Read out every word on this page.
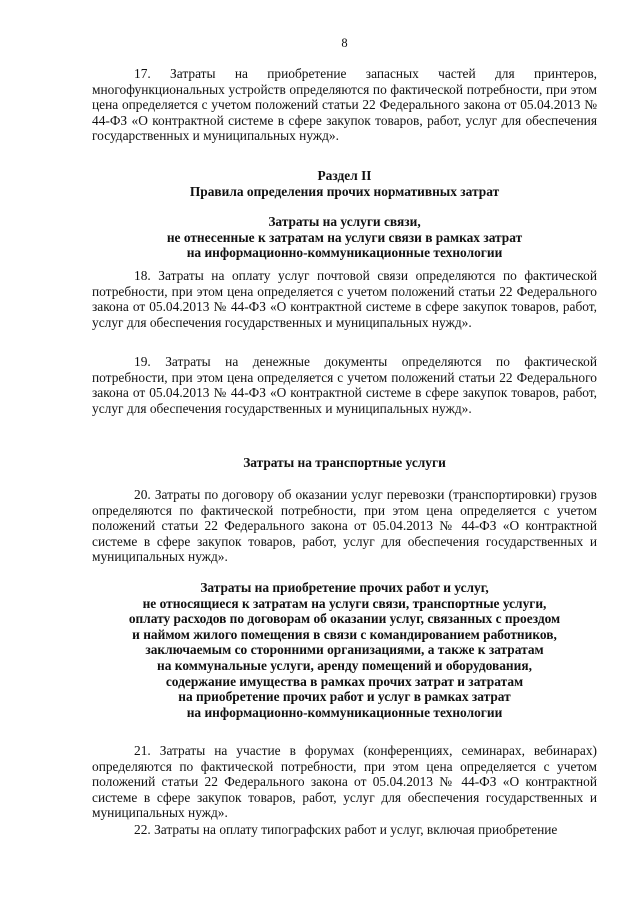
8

17. Затраты на приобретение запасных частей для принтеров, многофункциональных устройств определяются по фактической потребности, при этом цена определяется с учетом положений статьи 22 Федерального закона от 05.04.2013 № 44-ФЗ «О контрактной системе в сфере закупок товаров, работ, услуг для обеспечения государственных и муниципальных нужд».

Раздел II
Правила определения прочих нормативных затрат
Затраты на услуги связи,
не отнесенные к затратам на услуги связи в рамках затрат
на информационно-коммуникационные технологии

18. Затраты на оплату услуг почтовой связи определяются по фактической потребности, при этом цена определяется с учетом положений статьи 22 Федерального закона от 05.04.2013 № 44-ФЗ «О контрактной системе в сфере закупок товаров, работ, услуг для обеспечения государственных и муниципальных нужд».

19. Затраты на денежные документы определяются по фактической потребности, при этом цена определяется с учетом положений статьи 22 Федерального закона от 05.04.2013 № 44-ФЗ «О контрактной системе в сфере закупок товаров, работ, услуг для обеспечения государственных и муниципальных нужд».

Затраты на транспортные услуги

20. Затраты по договору об оказании услуг перевозки (транспортировки) грузов определяются по фактической потребности, при этом цена определяется с учетом положений статьи 22 Федерального закона от 05.04.2013 № 44-ФЗ «О контрактной системе в сфере закупок товаров, работ, услуг для обеспечения государственных и муниципальных нужд».

Затраты на приобретение прочих работ и услуг,
не относящиеся к затратам на услуги связи, транспортные услуги,
оплату расходов по договорам об оказании услуг, связанных с проездом
и наймом жилого помещения в связи с командированием работников,
заключаемым со сторонними организациями, а также к затратам
на коммунальные услуги, аренду помещений и оборудования,
содержание имущества в рамках прочих затрат и затратам
на приобретение прочих работ и услуг в рамках затрат
на информационно-коммуникационные технологии

21. Затраты на участие в форумах (конференциях, семинарах, вебинарах) определяются по фактической потребности, при этом цена определяется с учетом положений статьи 22 Федерального закона от 05.04.2013 № 44-ФЗ «О контрактной системе в сфере закупок товаров, работ, услуг для обеспечения государственных и муниципальных нужд».

22. Затраты на оплату типографских работ и услуг, включая приобретение
